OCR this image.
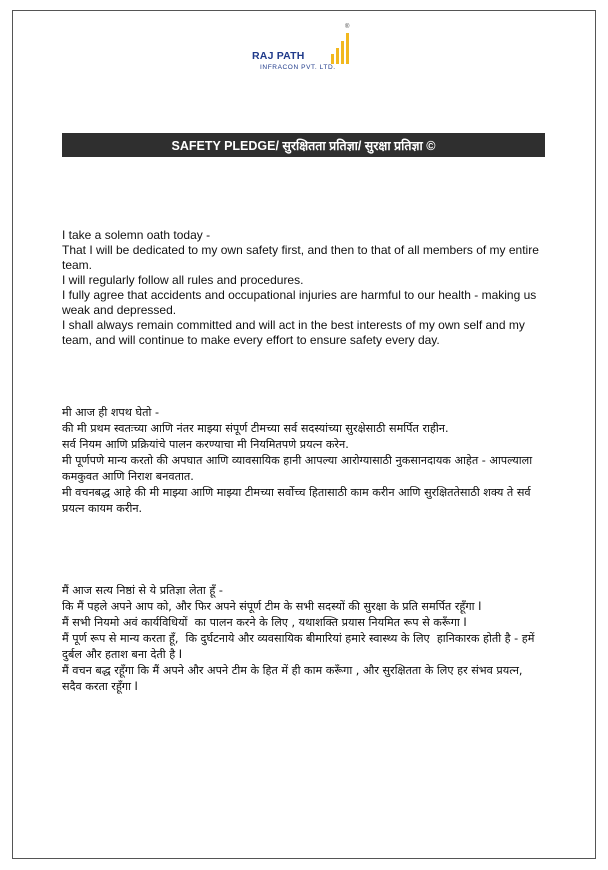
®
RAJ PATH
INFRACON PVT. LTD.
SAFETY PLEDGE/ सुरक्षितता प्रतिज्ञा/ सुरक्षा प्रतिज्ञा ©

I take a solemn oath today -

That I will be dedicated to my own safety first, and then to that of all members of my entire team.

I will regularly follow all rules and procedures.

I fully agree that accidents and occupational injuries are harmful to our health - making us weak and depressed.

I shall always remain committed and will act in the best interests of my own self and my team, and will continue to make every effort to ensure safety every day.

मी आज ही शपथ घेतो -

की मी प्रथम स्वतःच्या आणि नंतर माझ्या संपूर्ण टीमच्या सर्व सदस्यांच्या सुरक्षेसाठी समर्पित राहीन.

सर्व नियम आणि प्रक्रियांचे पालन करण्याचा मी नियमितपणे प्रयत्न करेन.

मी पूर्णपणे मान्य करतो की अपघात आणि व्यावसायिक हानी आपल्या आरोग्यासाठी नुकसानदायक आहेत - आपल्याला कमकुवत आणि निराश बनवतात.

मी वचनबद्ध आहे की मी माझ्या आणि माझ्या टीमच्या सर्वोच्च हितासाठी काम करीन आणि सुरक्षिततेसाठी शक्य ते सर्व प्रयत्न कायम करीन.

मैं आज सत्य निष्ठां से ये प्रतिज्ञा लेता हूँ -

कि मैं पहले अपने आप को, और फिर अपने संपूर्ण टीम के सभी सदस्यों की सुरक्षा के प्रति समर्पित रहूँगा I

मैं सभी नियमो अवं कार्यविधियों  का पालन करने के लिए , यथाशक्ति प्रयास नियमित रूप से करूँगा I

मैं पूर्ण रूप से मान्य करता हूँ,  कि दुर्घटनाये और व्यवसायिक बीमारियां हमारे स्वास्थ्य के लिए  हानिकारक होती है - हमें दुर्बल और हताश बना देती है I

मैं वचन बद्ध रहूँगा कि मैं अपने और अपने टीम के हित में ही काम करूँगा , और सुरक्षितता के लिए हर संभव प्रयत्न,  सदैव करता रहूँगा I
